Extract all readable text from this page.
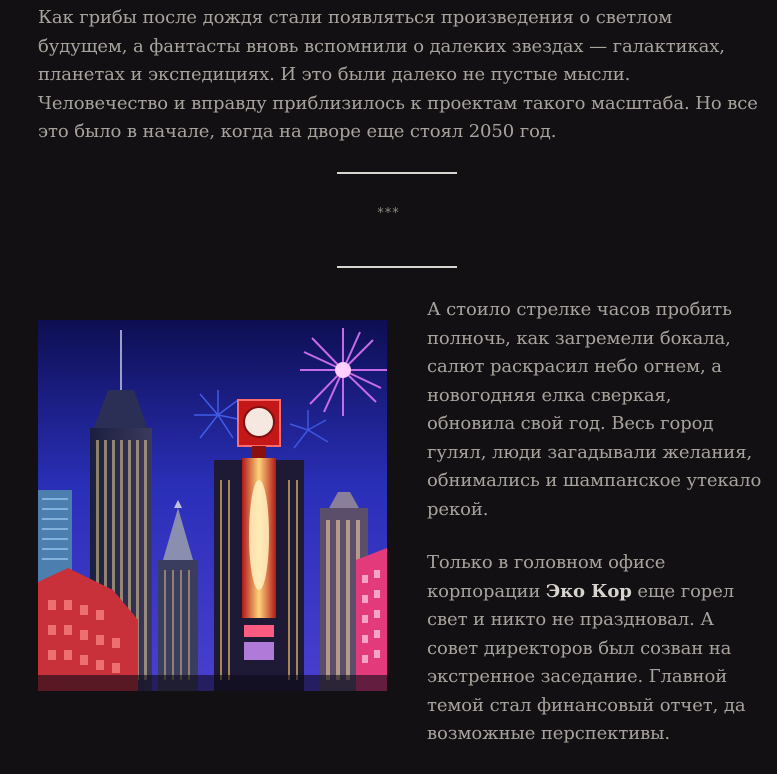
Как грибы после дождя стали появляться произведения о светлом будущем, а фантасты вновь вспомнили о далеких звездах — галактиках, планетах и экспедициях. И это были далеко не пустые мысли. Человечество и вправду приблизилось к проектам такого масштаба. Но все это было в начале, когда на дворе еще стоял 2050 год.

***

А стоило стрелке часов пробить полночь, как загремели бокала, салют раскрасил небо огнем, а новогодняя елка сверкая, обновила свой год. Весь город гулял, люди загадывали желания, обнимались и шампанское утекало рекой.

Только в головном офисе корпорации Эко Кор еще горел свет и никто не праздновал. А совет директоров был созван на экстренное заседание. Главной темой стал финансовый отчет, да возможные перспективы.
